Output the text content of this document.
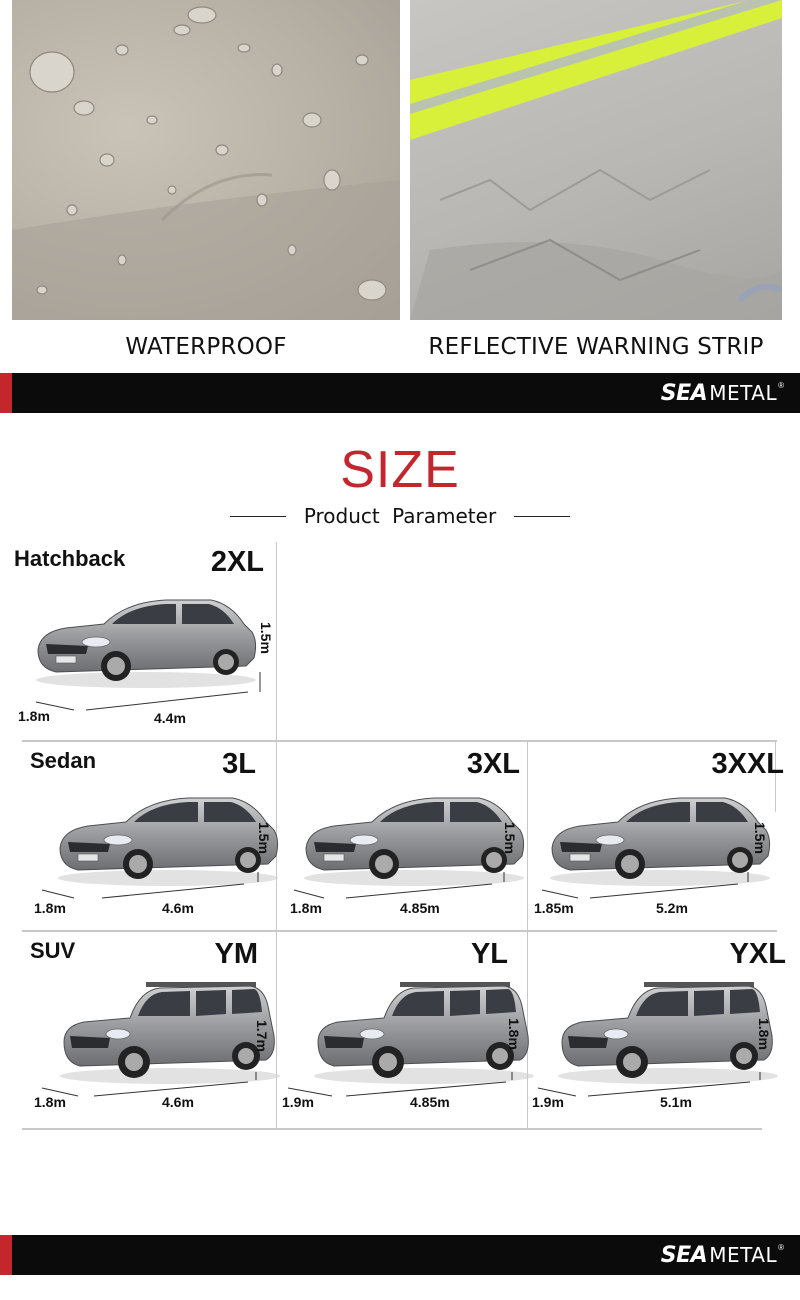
WATERPROOF	REFLECTIVE WARNING STRIP
SEA METAL ®
SIZE
Product Parameter
Hatchback	2XL
1.8m	4.4m
1.5m
Sedan	3L
1.8m	4.6m
1.5m
3XL
1.8m	4.85m
1.5m
3XXL
1.85m	5.2m
1.5m
SUV	YM
1.8m	4.6m
1.7m
YL
1.9m	4.85m
1.8m
YXL
1.9m	5.1m
1.8m
SEA METAL ®
